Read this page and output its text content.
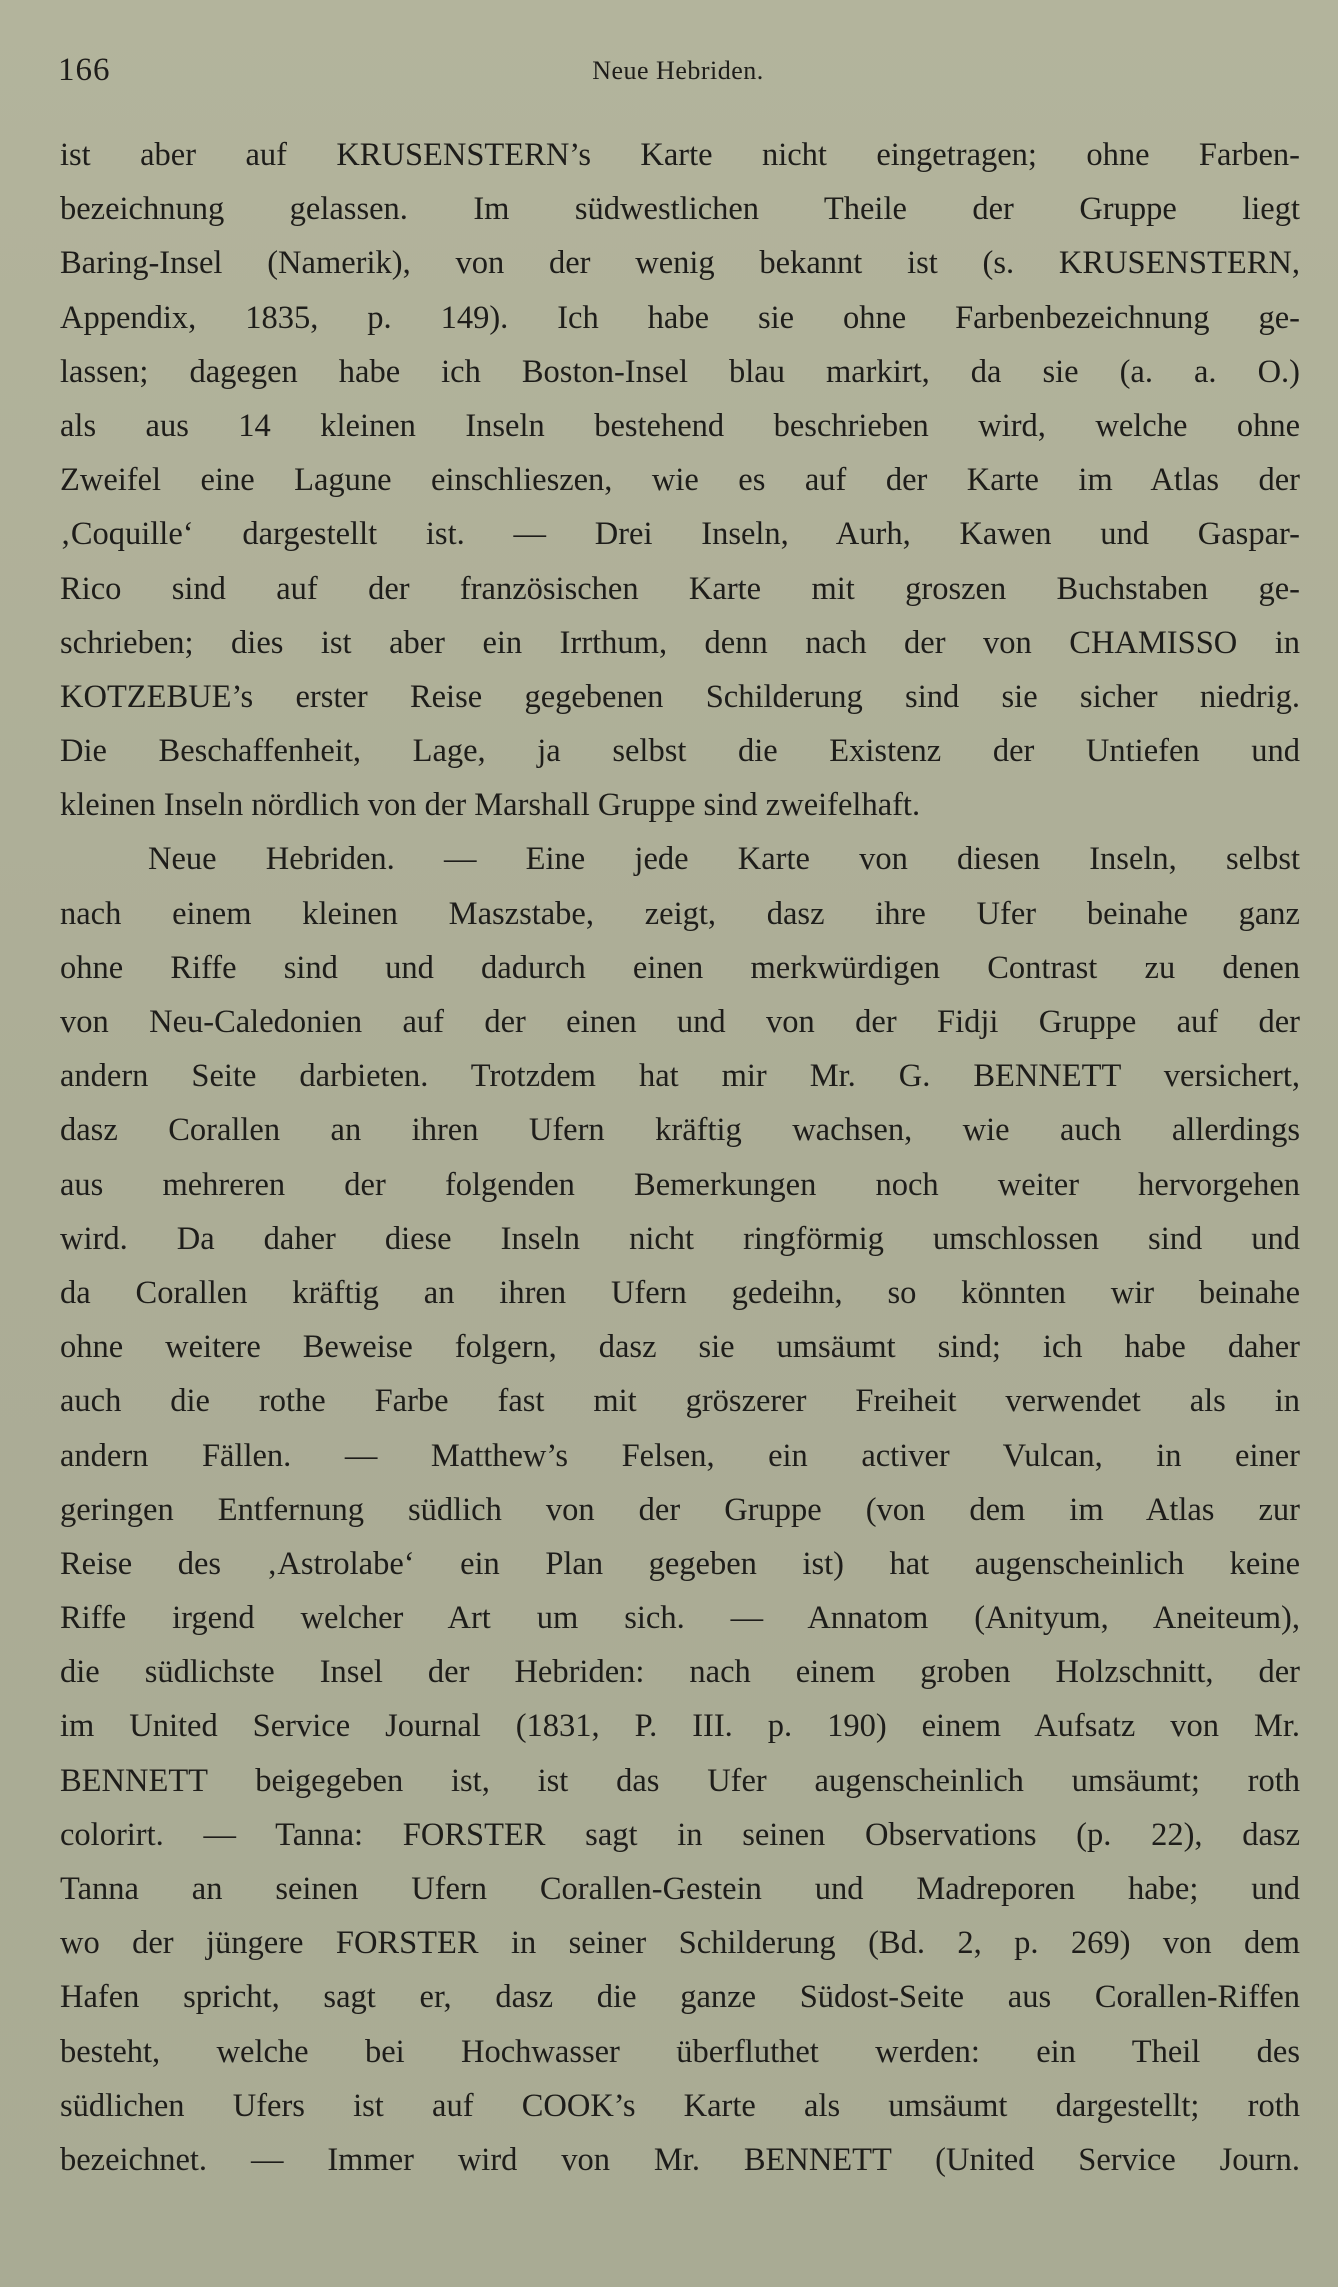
166	Neue Hebriden.
ist aber auf KRUSENSTERN’s Karte nicht eingetragen; ohne Farben-
bezeichnung gelassen. Im südwestlichen Theile der Gruppe liegt
Baring-Insel (Namerik), von der wenig bekannt ist (s. KRUSENSTERN,
Appendix, 1835, p. 149). Ich habe sie ohne Farbenbezeichnung ge-
lassen; dagegen habe ich Boston-Insel blau markirt, da sie (a. a. O.)
als aus 14 kleinen Inseln bestehend beschrieben wird, welche ohne
Zweifel eine Lagune einschlieszen, wie es auf der Karte im Atlas der
‚Coquille‘ dargestellt ist. — Drei Inseln, Aurh, Kawen und Gaspar-
Rico sind auf der französischen Karte mit groszen Buchstaben ge-
schrieben; dies ist aber ein Irrthum, denn nach der von CHAMISSO in
KOTZEBUE’s erster Reise gegebenen Schilderung sind sie sicher niedrig.
Die Beschaffenheit, Lage, ja selbst die Existenz der Untiefen und
kleinen Inseln nördlich von der Marshall Gruppe sind zweifelhaft.
Neue Hebriden. — Eine jede Karte von diesen Inseln, selbst
nach einem kleinen Maszstabe, zeigt, dasz ihre Ufer beinahe ganz
ohne Riffe sind und dadurch einen merkwürdigen Contrast zu denen
von Neu-Caledonien auf der einen und von der Fidji Gruppe auf der
andern Seite darbieten. Trotzdem hat mir Mr. G. BENNETT versichert,
dasz Corallen an ihren Ufern kräftig wachsen, wie auch allerdings
aus mehreren der folgenden Bemerkungen noch weiter hervorgehen
wird. Da daher diese Inseln nicht ringförmig umschlossen sind und
da Corallen kräftig an ihren Ufern gedeihn, so könnten wir beinahe
ohne weitere Beweise folgern, dasz sie umsäumt sind; ich habe daher
auch die rothe Farbe fast mit gröszerer Freiheit verwendet als in
andern Fällen. — Matthew’s Felsen, ein activer Vulcan, in einer
geringen Entfernung südlich von der Gruppe (von dem im Atlas zur
Reise des ‚Astrolabe‘ ein Plan gegeben ist) hat augenscheinlich keine
Riffe irgend welcher Art um sich. — Annatom (Anityum, Aneiteum),
die südlichste Insel der Hebriden: nach einem groben Holzschnitt, der
im United Service Journal (1831, P. III. p. 190) einem Aufsatz von Mr.
BENNETT beigegeben ist, ist das Ufer augenscheinlich umsäumt; roth
colorirt. — Tanna: FORSTER sagt in seinen Observations (p. 22), dasz
Tanna an seinen Ufern Corallen-Gestein und Madreporen habe; und
wo der jüngere FORSTER in seiner Schilderung (Bd. 2, p. 269) von dem
Hafen spricht, sagt er, dasz die ganze Südost-Seite aus Corallen-Riffen
besteht, welche bei Hochwasser überfluthet werden: ein Theil des
südlichen Ufers ist auf COOK’s Karte als umsäumt dargestellt; roth
bezeichnet. — Immer wird von Mr. BENNETT (United Service Journ.
